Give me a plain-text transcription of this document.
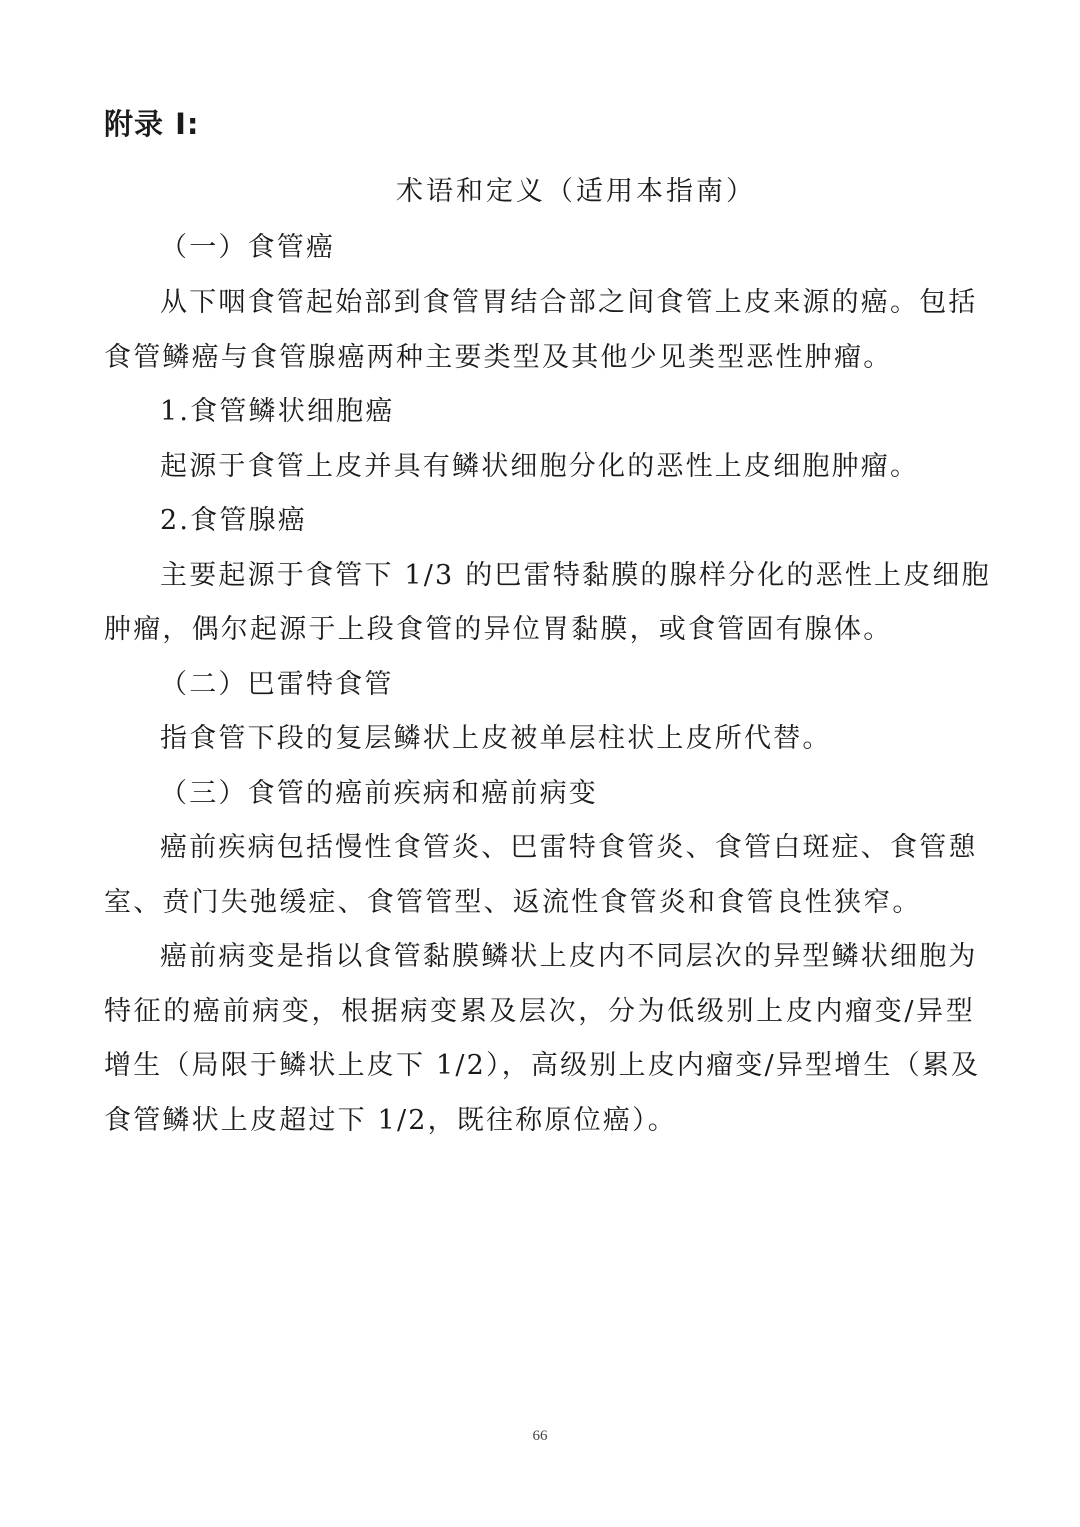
附录 I:
术语和定义（适用本指南）
（一）食管癌
从下咽食管起始部到食管胃结合部之间食管上皮来源的癌。包括
食管鳞癌与食管腺癌两种主要类型及其他少见类型恶性肿瘤。
1.食管鳞状细胞癌
起源于食管上皮并具有鳞状细胞分化的恶性上皮细胞肿瘤。
2.食管腺癌
主要起源于食管下 1/3 的巴雷特黏膜的腺样分化的恶性上皮细胞
肿瘤，偶尔起源于上段食管的异位胃黏膜，或食管固有腺体。
（二）巴雷特食管
指食管下段的复层鳞状上皮被单层柱状上皮所代替。
（三）食管的癌前疾病和癌前病变
癌前疾病包括慢性食管炎、巴雷特食管炎、食管白斑症、食管憩
室、贲门失弛缓症、食管管型、返流性食管炎和食管良性狭窄。
癌前病变是指以食管黏膜鳞状上皮内不同层次的异型鳞状细胞为
特征的癌前病变，根据病变累及层次，分为低级别上皮内瘤变/异型
增生（局限于鳞状上皮下 1/2），高级别上皮内瘤变/异型增生（累及
食管鳞状上皮超过下 1/2，既往称原位癌）。
66
